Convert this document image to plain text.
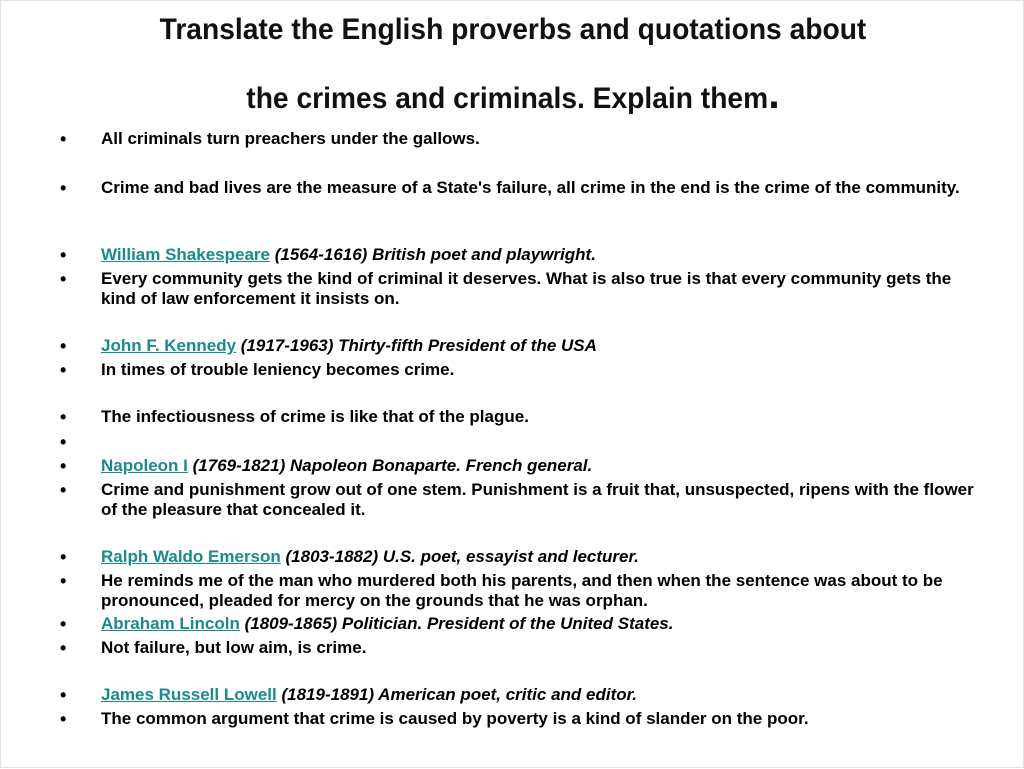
Translate the English proverbs and quotations about
the crimes and criminals. Explain them.
• All criminals turn preachers under the gallows.
• Crime and bad lives are the measure of a State's failure, all crime in the end is the crime of the community.
• William Shakespeare (1564-1616) British poet and playwright.
• Every community gets the kind of criminal it deserves. What is also true is that every community gets the kind of law enforcement it insists on.
• John F. Kennedy (1917-1963) Thirty-fifth President of the USA
• In times of trouble leniency becomes crime.
• The infectiousness of crime is like that of the plague.
•
• Napoleon I (1769-1821) Napoleon Bonaparte. French general.
• Crime and punishment grow out of one stem. Punishment is a fruit that, unsuspected, ripens with the flower of the pleasure that concealed it.
• Ralph Waldo Emerson (1803-1882) U.S. poet, essayist and lecturer.
• He reminds me of the man who murdered both his parents, and then when the sentence was about to be pronounced, pleaded for mercy on the grounds that he was orphan.
• Abraham Lincoln (1809-1865) Politician. President of the United States.
• Not failure, but low aim, is crime.
• James Russell Lowell (1819-1891) American poet, critic and editor.
• The common argument that crime is caused by poverty is a kind of slander on the poor.
